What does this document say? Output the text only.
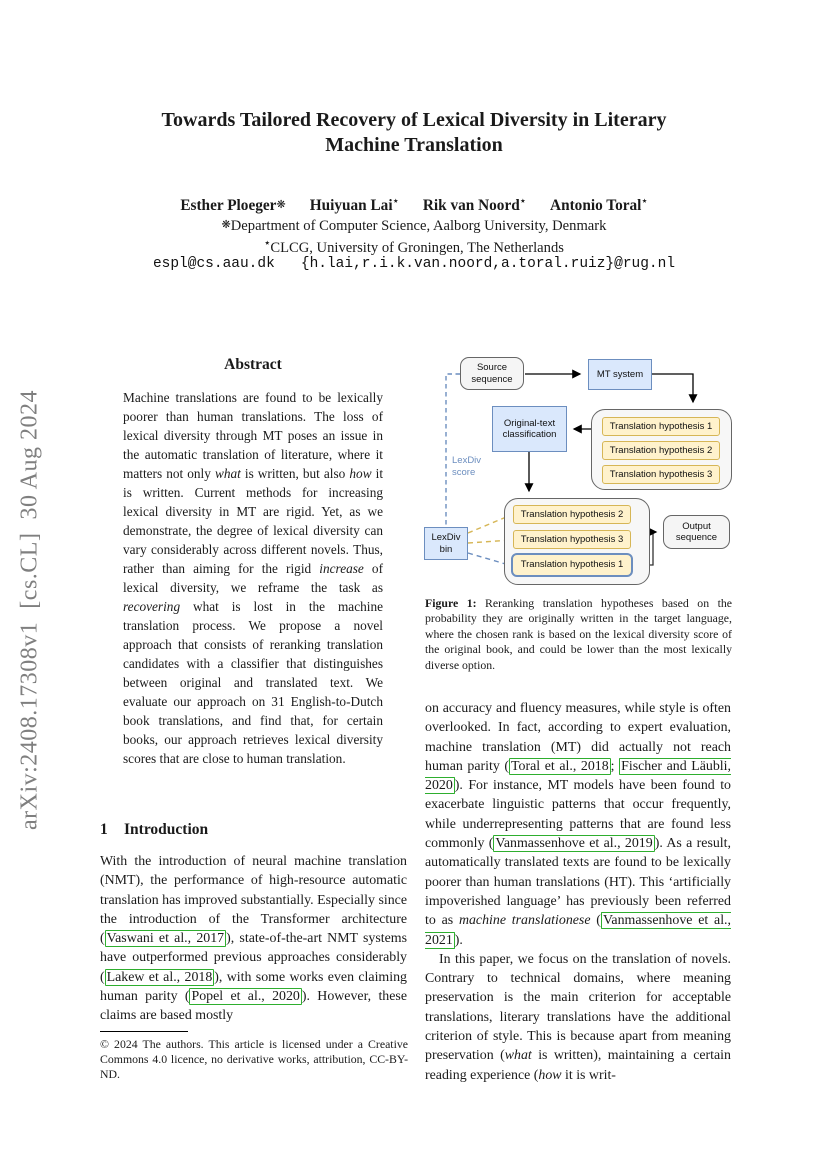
arXiv:2408.17308v1  [cs.CL]  30 Aug 2024
Towards Tailored Recovery of Lexical Diversity in Literary
Machine Translation
Esther Ploeger❋ Huiyuan Lai⋆ Rik van Noord⋆ Antonio Toral⋆
❋Department of Computer Science, Aalborg University, Denmark
⋆CLCG, University of Groningen, The Netherlands
espl@cs.aau.dk   {h.lai,r.i.k.van.noord,a.toral.ruiz}@rug.nl
Abstract
Machine translations are found to be lexically poorer than human translations. The loss of lexical diversity through MT poses an issue in the automatic translation of literature, where it matters not only what is written, but also how it is written. Current methods for increasing lexical diversity in MT are rigid. Yet, as we demonstrate, the degree of lexical diversity can vary considerably across different novels. Thus, rather than aiming for the rigid increase of lexical diversity, we reframe the task as recovering what is lost in the machine translation process. We propose a novel approach that consists of reranking translation candidates with a classifier that distinguishes between original and translated text. We evaluate our approach on 31 English-to-Dutch book translations, and find that, for certain books, our approach retrieves lexical diversity scores that are close to human translation.
1 Introduction
With the introduction of neural machine translation (NMT), the performance of high-resource automatic translation has improved substantially. Especially since the introduction of the Transformer architecture ( Vaswani et al., 2017 ), state-of-the-art NMT systems have outperformed previous approaches considerably ( Lakew et al., 2018 ), with some works even claiming human parity ( Popel et al., 2020 ). However, these claims are based mostly
© 2024 The authors. This article is licensed under a Creative Commons 4.0 licence, no derivative works, attribution, CC-BY-ND.
Source sequence	MT system
Translation hypothesis 1
Translation hypothesis 2
Translation hypothesis 3
Original-text classification
Translation hypothesis 2
Translation hypothesis 3
Translation hypothesis 1
LexDiv bin
Output sequence
LexDiv score
Figure 1: Reranking translation hypotheses based on the probability they are originally written in the target language, where the chosen rank is based on the lexical diversity score of the original book, and could be lower than the most lexically diverse option.

on accuracy and fluency measures, while style is often overlooked. In fact, according to expert evaluation, machine translation (MT) did actually not reach human parity ( Toral et al., 2018 ; Fischer and Läubli, 2020 ). For instance, MT models have been found to exacerbate linguistic patterns that occur frequently, while underrepresenting patterns that are found less commonly ( Vanmassenhove et al., 2019 ). As a result, automatically translated texts are found to be lexically poorer than human translations (HT). This ‘artificially impoverished language’ has previously been referred to as machine translationese ( Vanmassenhove et al., 2021 ).

In this paper, we focus on the translation of novels. Contrary to technical domains, where meaning preservation is the main criterion for acceptable translations, literary translations have the additional criterion of style. This is because apart from meaning preservation (what is written), maintaining a certain reading experience (how it is writ-
